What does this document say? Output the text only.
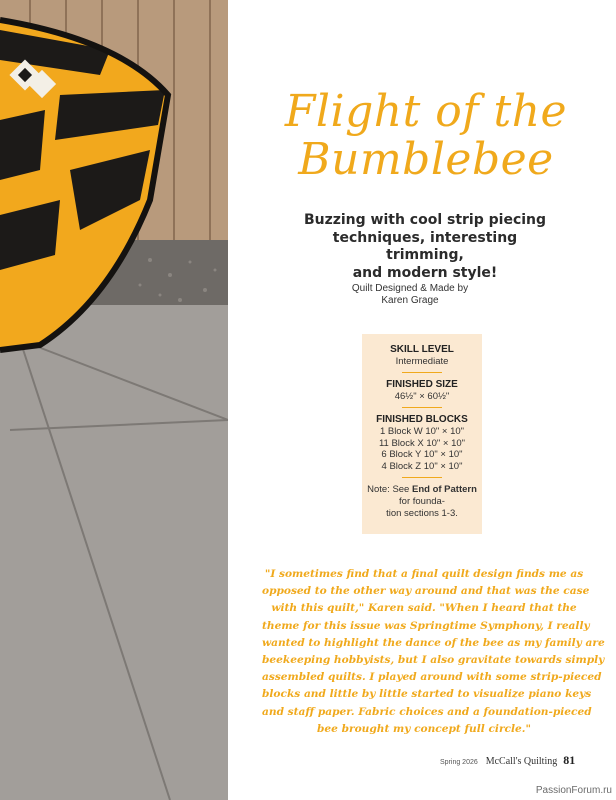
Flight of the
Bumblebee
Buzzing with cool strip piecing
techniques, interesting trimming,
and modern style!
Quilt Designed & Made by
Karen Grage
SKILL LEVEL
Intermediate
FINISHED SIZE
46½" × 60½"
FINISHED BLOCKS
1 Block W 10" × 10"
11 Block X 10" × 10"
6 Block Y 10" × 10"
4 Block Z 10" × 10"
Note: See End of Pattern for founda-
tion sections 1-3.
"I sometimes find that a final quilt design finds me as
opposed to the other way around and that was the case
with this quilt," Karen said. "When I heard that the
theme for this issue was Springtime Symphony, I really
wanted to highlight the dance of the bee as my family are
beekeeping hobbyists, but I also gravitate towards simply
assembled quilts. I played around with some strip-pieced
blocks and little by little started to visualize piano keys
and staff paper. Fabric choices and a foundation-pieced
bee brought my concept full circle."
Spring 2026 McCall's Quilting 81
PassionForum.ru
